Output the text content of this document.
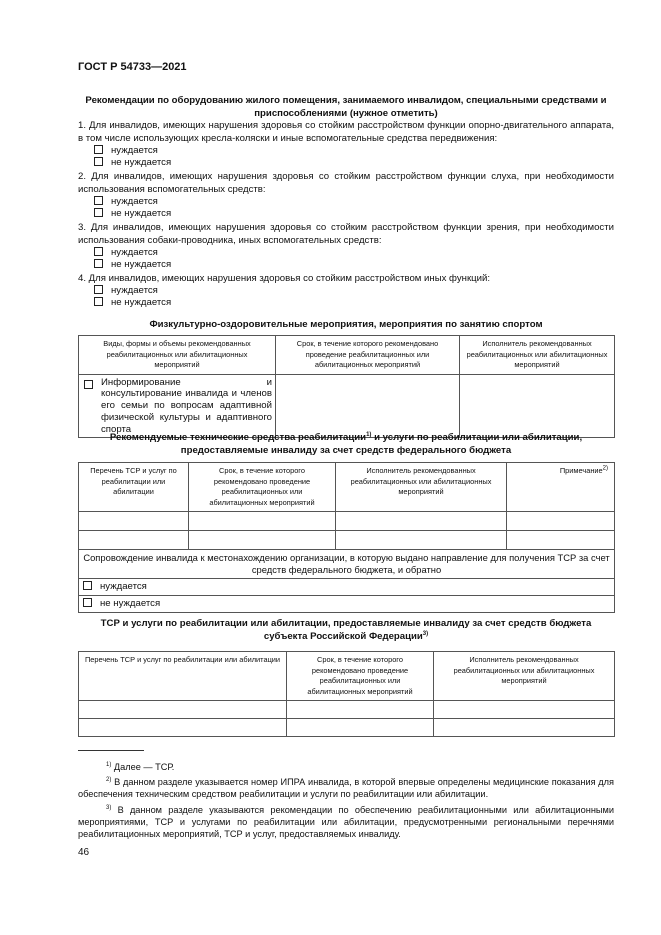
ГОСТ Р 54733—2021
Рекомендации по оборудованию жилого помещения, занимаемого инвалидом, специальными средствами и приспособлениями (нужное отметить)
1. Для инвалидов, имеющих нарушения здоровья со стойким расстройством функции опорно-двигательного аппарата, в том числе использующих кресла-коляски и иные вспомогательные средства передвижения:
нуждается
не нуждается
2. Для инвалидов, имеющих нарушения здоровья со стойким расстройством функции слуха, при необходимости использования вспомогательных средств:
нуждается
не нуждается
3. Для инвалидов, имеющих нарушения здоровья со стойким расстройством функции зрения, при необходимости использования собаки-проводника, иных вспомогательных средств:
нуждается
не нуждается
4. Для инвалидов, имеющих нарушения здоровья со стойким расстройством иных функций:
нуждается
не нуждается
Физкультурно-оздоровительные мероприятия, мероприятия по занятию спортом
Виды, формы и объемы рекомендованных реабилитационных или абилитационных мероприятий	Срок, в течение которого рекомендовано проведение реабилитационных или абилитационных мероприятий	Исполнитель рекомендованных реабилитационных или абилитационных мероприятий

Информирование и консультирование инвалида и членов его семьи по вопросам адаптивной физической культуры и адаптивного спорта		

Рекомендуемые технические средства реабилитации$^{1)}$ и услуги по реабилитации или абилитации, предоставляемые инвалиду за счет средств федерального бюджета
Перечень ТСР и услуг по реабилитации или абилитации	Срок, в течение которого рекомендовано проведение реабилитационных или абилитационных мероприятий	Исполнитель рекомендованных реабилитационных или абилитационных мероприятий	Примечание$^{2)}$

Сопровождение инвалида к местонахождению организации, в которую выдано направление для получения ТСР за счет средств федерального бюджета, и обратно			
нуждается			
не нуждается			
ТСР и услуги по реабилитации или абилитации, предоставляемые инвалиду за счет средств бюджета субъекта Российской Федерации$^{3)}$
Перечень ТСР и услуг по реабилитации или абилитации	Срок, в течение которого рекомендовано проведение реабилитационных или абилитационных мероприятий	Исполнитель рекомендованных реабилитационных или абилитационных мероприятий

$^{1)}$ Далее — ТСР.
$^{2)}$ В данном разделе указывается номер ИПРА инвалида, в которой впервые определены медицинские показания для обеспечения техническим средством реабилитации и услуги по реабилитации или абилитации.
$^{3)}$ В данном разделе указываются рекомендации по обеспечению реабилитационными или абилитационными мероприятиями, ТСР и услугами по реабилитации или абилитации, предусмотренными региональными перечнями реабилитационных мероприятий, ТСР и услуг, предоставляемых инвалиду.
46
